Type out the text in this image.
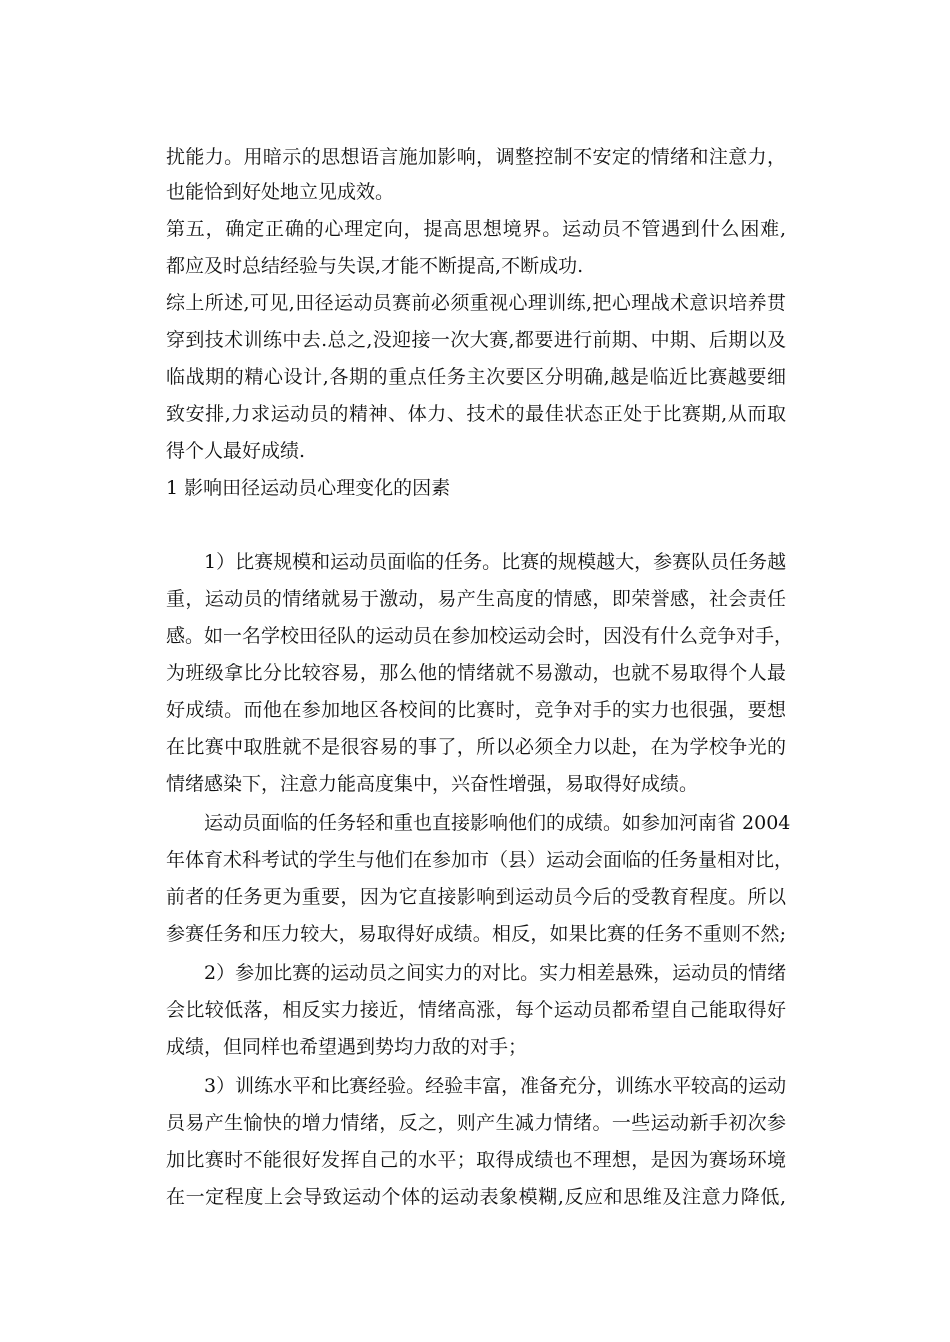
扰能力。用暗示的思想语言施加影响，调整控制不安定的情绪和注意力，
也能恰到好处地立见成效。
第五，确定正确的心理定向，提高思想境界。运动员不管遇到什么困难,
都应及时总结经验与失误,才能不断提高,不断成功.
综上所述,可见,田径运动员赛前必须重视心理训练,把心理战术意识培养贯
穿到技术训练中去.总之,没迎接一次大赛,都要进行前期、中期、后期以及
临战期的精心设计,各期的重点任务主次要区分明确,越是临近比赛越要细
致安排,力求运动员的精神、体力、技术的最佳状态正处于比赛期,从而取
得个人最好成绩.
1 影响田径运动员心理变化的因素
1）比赛规模和运动员面临的任务。比赛的规模越大，参赛队员任务越
重，运动员的情绪就易于激动，易产生高度的情感，即荣誉感，社会责任
感。如一名学校田径队的运动员在参加校运动会时，因没有什么竞争对手，
为班级拿比分比较容易，那么他的情绪就不易激动，也就不易取得个人最
好成绩。而他在参加地区各校间的比赛时，竞争对手的实力也很强，要想
在比赛中取胜就不是很容易的事了，所以必须全力以赴，在为学校争光的
情绪感染下，注意力能高度集中，兴奋性增强，易取得好成绩。
运动员面临的任务轻和重也直接影响他们的成绩。如参加河南省 2004
年体育术科考试的学生与他们在参加市（县）运动会面临的任务量相对比，
前者的任务更为重要，因为它直接影响到运动员今后的受教育程度。所以
参赛任务和压力较大，易取得好成绩。相反，如果比赛的任务不重则不然;
2）参加比赛的运动员之间实力的对比。实力相差悬殊，运动员的情绪
会比较低落，相反实力接近，情绪高涨，每个运动员都希望自己能取得好
成绩，但同样也希望遇到势均力敌的对手；
3）训练水平和比赛经验。经验丰富，准备充分，训练水平较高的运动
员易产生愉快的增力情绪，反之，则产生减力情绪。一些运动新手初次参
加比赛时不能很好发挥自己的水平；取得成绩也不理想，是因为赛场环境
在一定程度上会导致运动个体的运动表象模糊,反应和思维及注意力降低,
